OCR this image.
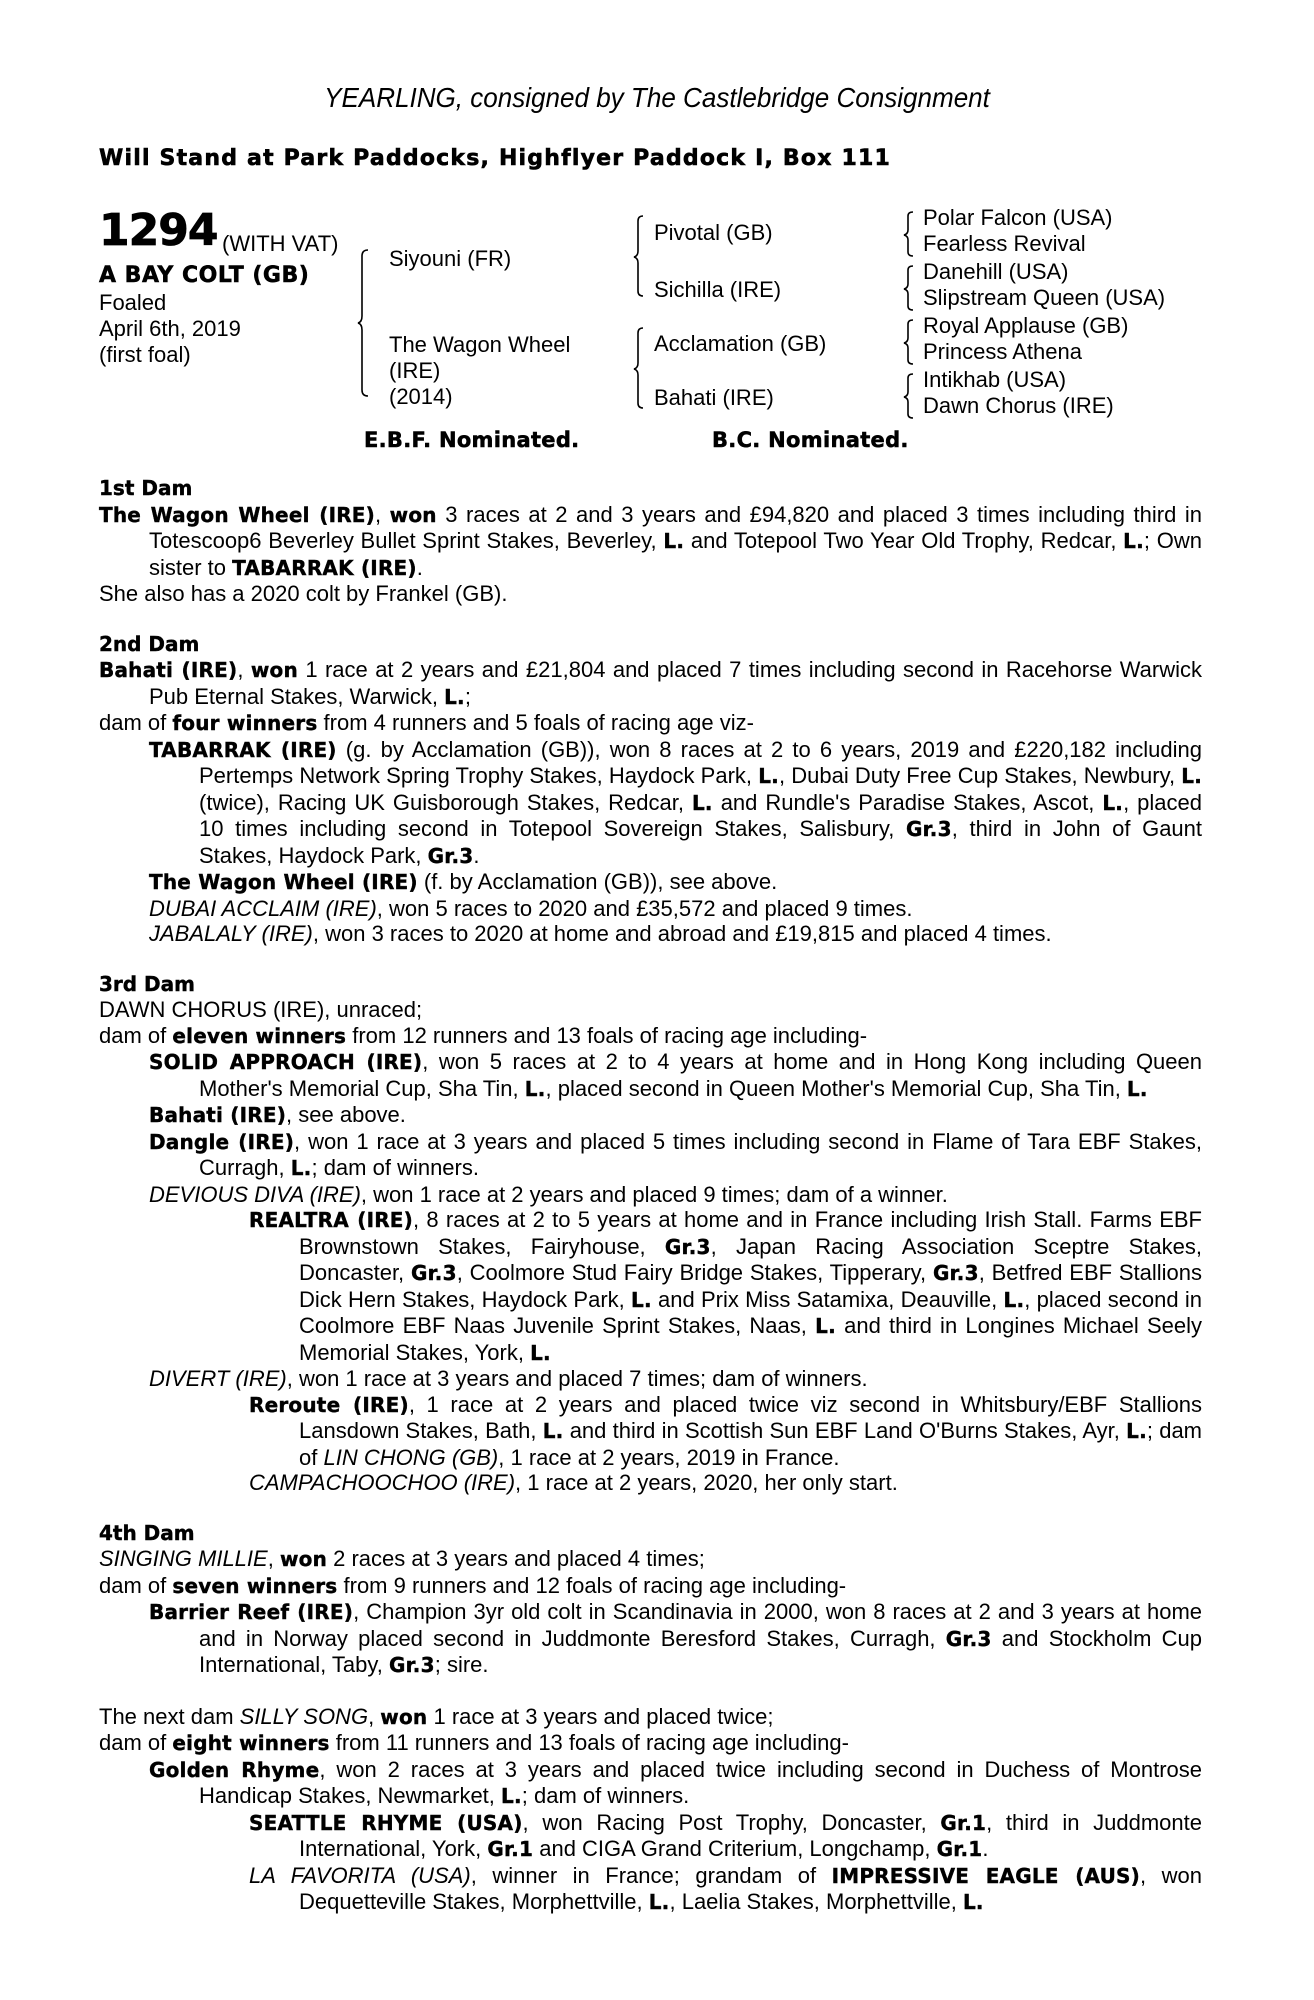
YEARLING, consigned by The Castlebridge Consignment
Will Stand at Park Paddocks, Highflyer Paddock I, Box 111
1294 (WITH VAT)
A BAY COLT (GB)
Foaled
April 6th, 2019
(first foal)
Siyouni (FR)
The Wagon Wheel
(IRE)
(2014)
Pivotal (GB)
Sichilla (IRE)
Acclamation (GB)
Bahati (IRE)
Polar Falcon (USA)
Fearless Revival
Danehill (USA)
Slipstream Queen (USA)
Royal Applause (GB)
Princess Athena
Intikhab (USA)
Dawn Chorus (IRE)
E.B.F. Nominated.	B.C. Nominated.
1st Dam
The Wagon Wheel (IRE), won 3 races at 2 and 3 years and £94,820 and placed 3 times including third in Totescoop6 Beverley Bullet Sprint Stakes, Beverley, L. and Totepool Two Year Old Trophy, Redcar, L.; Own sister to TABARRAK (IRE).
She also has a 2020 colt by Frankel (GB).
2nd Dam
Bahati (IRE), won 1 race at 2 years and £21,804 and placed 7 times including second in Racehorse Warwick Pub Eternal Stakes, Warwick, L.;
dam of four winners from 4 runners and 5 foals of racing age viz-
TABARRAK (IRE) (g. by Acclamation (GB)), won 8 races at 2 to 6 years, 2019 and £220,182 including Pertemps Network Spring Trophy Stakes, Haydock Park, L., Dubai Duty Free Cup Stakes, Newbury, L. (twice), Racing UK Guisborough Stakes, Redcar, L. and Rundle's Paradise Stakes, Ascot, L., placed 10 times including second in Totepool Sovereign Stakes, Salisbury, Gr.3, third in John of Gaunt Stakes, Haydock Park, Gr.3.
The Wagon Wheel (IRE) (f. by Acclamation (GB)), see above.
DUBAI ACCLAIM (IRE), won 5 races to 2020 and £35,572 and placed 9 times.
JABALALY (IRE), won 3 races to 2020 at home and abroad and £19,815 and placed 4 times.
3rd Dam
DAWN CHORUS (IRE), unraced;
dam of eleven winners from 12 runners and 13 foals of racing age including-
SOLID APPROACH (IRE), won 5 races at 2 to 4 years at home and in Hong Kong including Queen Mother's Memorial Cup, Sha Tin, L., placed second in Queen Mother's Memorial Cup, Sha Tin, L.
Bahati (IRE), see above.
Dangle (IRE), won 1 race at 3 years and placed 5 times including second in Flame of Tara EBF Stakes, Curragh, L.; dam of winners.
DEVIOUS DIVA (IRE), won 1 race at 2 years and placed 9 times; dam of a winner.
REALTRA (IRE), 8 races at 2 to 5 years at home and in France including Irish Stall. Farms EBF Brownstown Stakes, Fairyhouse, Gr.3, Japan Racing Association Sceptre Stakes, Doncaster, Gr.3, Coolmore Stud Fairy Bridge Stakes, Tipperary, Gr.3, Betfred EBF Stallions Dick Hern Stakes, Haydock Park, L. and Prix Miss Satamixa, Deauville, L., placed second in Coolmore EBF Naas Juvenile Sprint Stakes, Naas, L. and third in Longines Michael Seely Memorial Stakes, York, L.
DIVERT (IRE), won 1 race at 3 years and placed 7 times; dam of winners.
Reroute (IRE), 1 race at 2 years and placed twice viz second in Whitsbury/EBF Stallions Lansdown Stakes, Bath, L. and third in Scottish Sun EBF Land O'Burns Stakes, Ayr, L.; dam of LIN CHONG (GB), 1 race at 2 years, 2019 in France.
CAMPACHOOCHOO (IRE), 1 race at 2 years, 2020, her only start.
4th Dam
SINGING MILLIE, won 2 races at 3 years and placed 4 times;
dam of seven winners from 9 runners and 12 foals of racing age including-
Barrier Reef (IRE), Champion 3yr old colt in Scandinavia in 2000, won 8 races at 2 and 3 years at home and in Norway placed second in Juddmonte Beresford Stakes, Curragh, Gr.3 and Stockholm Cup International, Taby, Gr.3; sire.
The next dam SILLY SONG, won 1 race at 3 years and placed twice;
dam of eight winners from 11 runners and 13 foals of racing age including-
Golden Rhyme, won 2 races at 3 years and placed twice including second in Duchess of Montrose Handicap Stakes, Newmarket, L.; dam of winners.
SEATTLE RHYME (USA), won Racing Post Trophy, Doncaster, Gr.1, third in Juddmonte International, York, Gr.1 and CIGA Grand Criterium, Longchamp, Gr.1.
LA FAVORITA (USA), winner in France; grandam of IMPRESSIVE EAGLE (AUS), won Dequetteville Stakes, Morphettville, L., Laelia Stakes, Morphettville, L.
